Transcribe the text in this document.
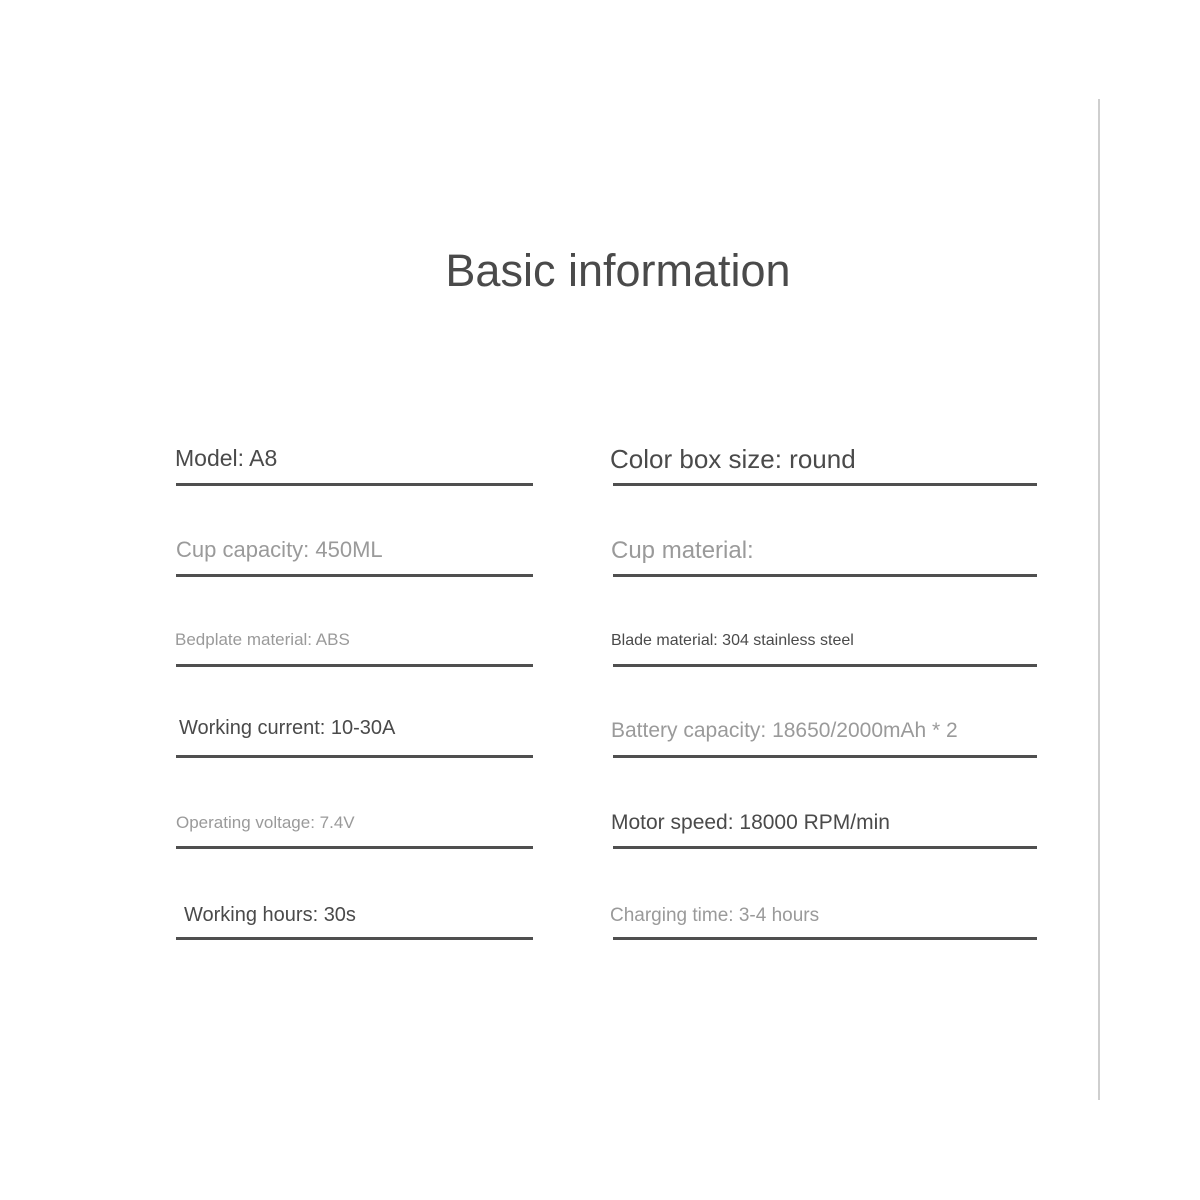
Basic information
Model: A8
Cup capacity: 450ML
Bedplate material: ABS
Working current: 10-30A
Operating voltage: 7.4V
Working hours: 30s
Color box size: round
Cup material:
Blade material: 304 stainless steel
Battery capacity: 18650/2000mAh * 2
Motor speed: 18000 RPM/min
Charging time: 3-4 hours
